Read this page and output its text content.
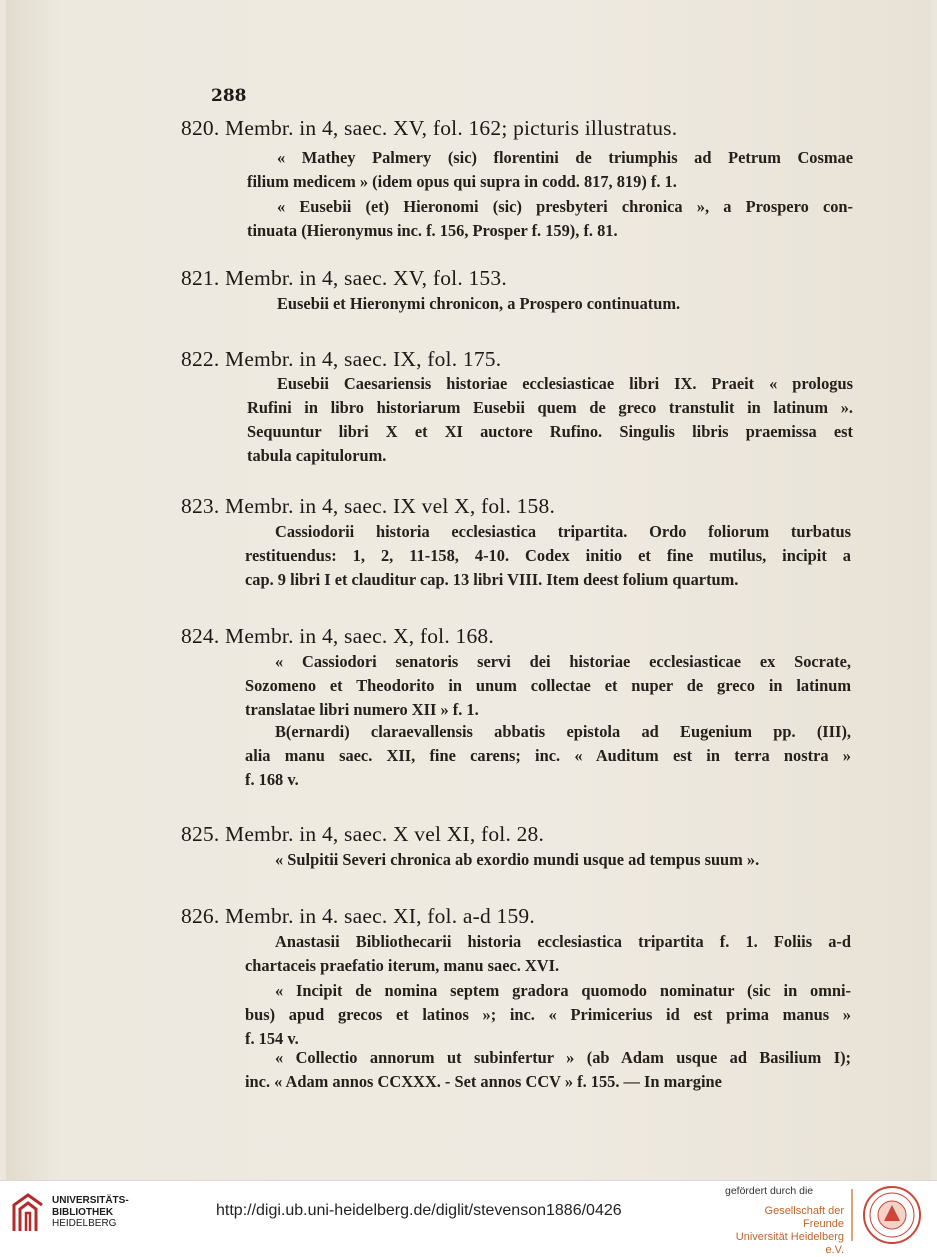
288
820. Membr. in 4, saec. XV, fol. 162; picturis illustratus.
« Mathey Palmery (sic) florentini de triumphis ad Petrum Cosmae
filium medicem » (idem opus qui supra in codd. 817, 819) f. 1.
« Eusebii (et) Hieronomi (sic) presbyteri chronica », a Prospero con-
tinuata (Hieronymus inc. f. 156, Prosper f. 159), f. 81.
821. Membr. in 4, saec. XV, fol. 153.
Eusebii et Hieronymi chronicon, a Prospero continuatum.
822. Membr. in 4, saec. IX, fol. 175.
Eusebii Caesariensis historiae ecclesiasticae libri IX. Praeit « prologus
Rufini in libro historiarum Eusebii quem de greco transtulit in latinum ».
Sequuntur libri X et XI auctore Rufino. Singulis libris praemissa est
tabula capitulorum.
823. Membr. in 4, saec. IX vel X, fol. 158.
Cassiodorii historia ecclesiastica tripartita. Ordo foliorum turbatus
restituendus: 1, 2, 11-158, 4-10. Codex initio et fine mutilus, incipit a
cap. 9 libri I et clauditur cap. 13 libri VIII. Item deest folium quartum.
824. Membr. in 4, saec. X, fol. 168.
« Cassiodori senatoris servi dei historiae ecclesiasticae ex Socrate,
Sozomeno et Theodorito in unum collectae et nuper de greco in latinum
translatae libri numero XII » f. 1.
B(ernardi) claraevallensis abbatis epistola ad Eugenium pp. (III),
alia manu saec. XII, fine carens; inc. « Auditum est in terra nostra »
f. 168 v.
825. Membr. in 4, saec. X vel XI, fol. 28.
« Sulpitii Severi chronica ab exordio mundi usque ad tempus suum ».
826. Membr. in 4. saec. XI, fol. a-d 159.
Anastasii Bibliothecarii historia ecclesiastica tripartita f. 1. Foliis a-d
chartaceis praefatio iterum, manu saec. XVI.
« Incipit de nomina septem gradora quomodo nominatur (sic in omni-
bus) apud grecos et latinos »; inc. « Primicerius id est prima manus »
f. 154 v.
« Collectio annorum ut subinfertur » (ab Adam usque ad Basilium I);
inc. « Adam annos CCXXX. - Set annos CCV » f. 155. — In margine
UNIVERSITÄTS-
BIBLIOTHEK
HEIDELBERG
http://digi.ub.uni-heidelberg.de/diglit/stevenson1886/0426
gefördert durch die
Gesellschaft der Freunde
Universität Heidelberg e.V.
